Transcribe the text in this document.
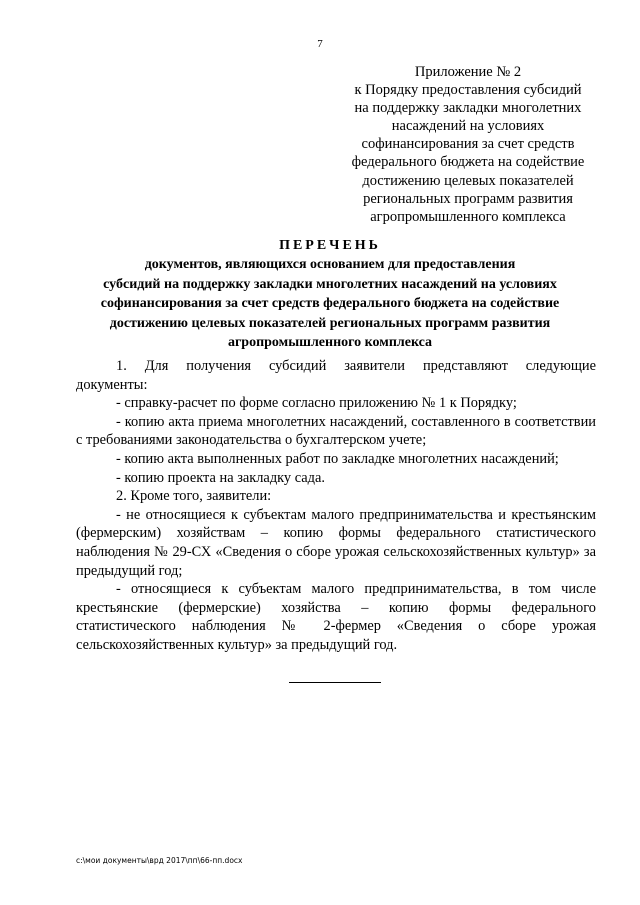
7
Приложение № 2
к Порядку предоставления субсидий
на поддержку закладки многолетних
насаждений на условиях
софинансирования за счет средств
федерального бюджета на содействие
достижению целевых показателей
региональных программ развития
агропромышленного комплекса
ПЕРЕЧЕНЬ
документов, являющихся основанием для предоставления
субсидий на поддержку закладки многолетних насаждений на условиях
софинансирования за счет средств федерального бюджета на содействие
достижению целевых показателей региональных программ развития
агропромышленного комплекса

1. Для получения субсидий заявители представляют следующие

документы:

- справку-расчет по форме согласно приложению № 1 к Порядку;

- копию акта приема многолетних насаждений, составленного в соответствии с требованиями законодательства о бухгалтерском учете;

- копию акта выполненных работ по закладке многолетних насаждений;

- копию проекта на закладку сада.

2. Кроме того, заявители:

- не относящиеся к субъектам малого предпринимательства и крестьянским (фермерским) хозяйствам – копию формы федерального статистического наблюдения № 29-СХ «Сведения о сборе урожая сельскохозяйственных культур» за предыдущий год;

- относящиеся к субъектам малого предпринимательства, в том числе крестьянские (фермерские) хозяйства – копию формы федерального статистического наблюдения № 2-фермер «Сведения о сборе урожая сельскохозяйственных культур» за предыдущий год.

c:\мои документы\врд 2017\пп\66-пп.docx
